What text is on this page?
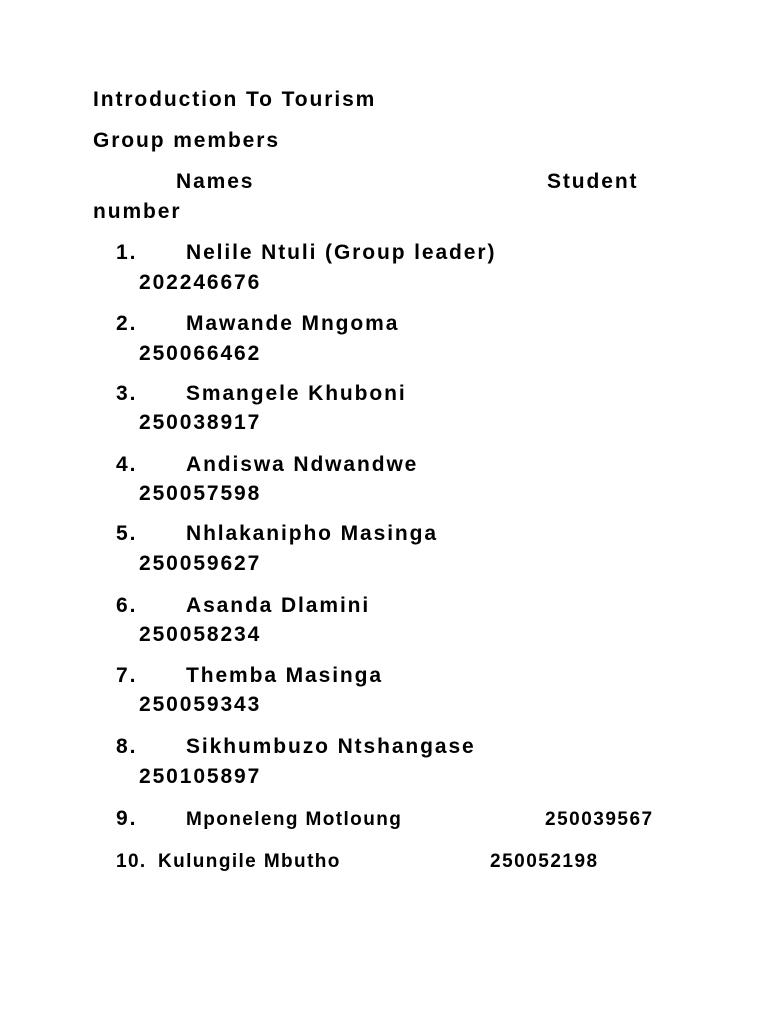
Introduction To Tourism
Group members
Names	Student
number
1. Nelile Ntuli (Group leader)
202246676
2. Mawande Mngoma
250066462
3. Smangele Khuboni
250038917
4. Andiswa Ndwandwe
250057598
5. Nhlakanipho Masinga
250059627
6. Asanda Dlamini
250058234
7. Themba Masinga
250059343
8. Sikhumbuzo Ntshangase
250105897
9.	Mponeleng Motloung	250039567
10. Kulungile Mbutho	250052198
